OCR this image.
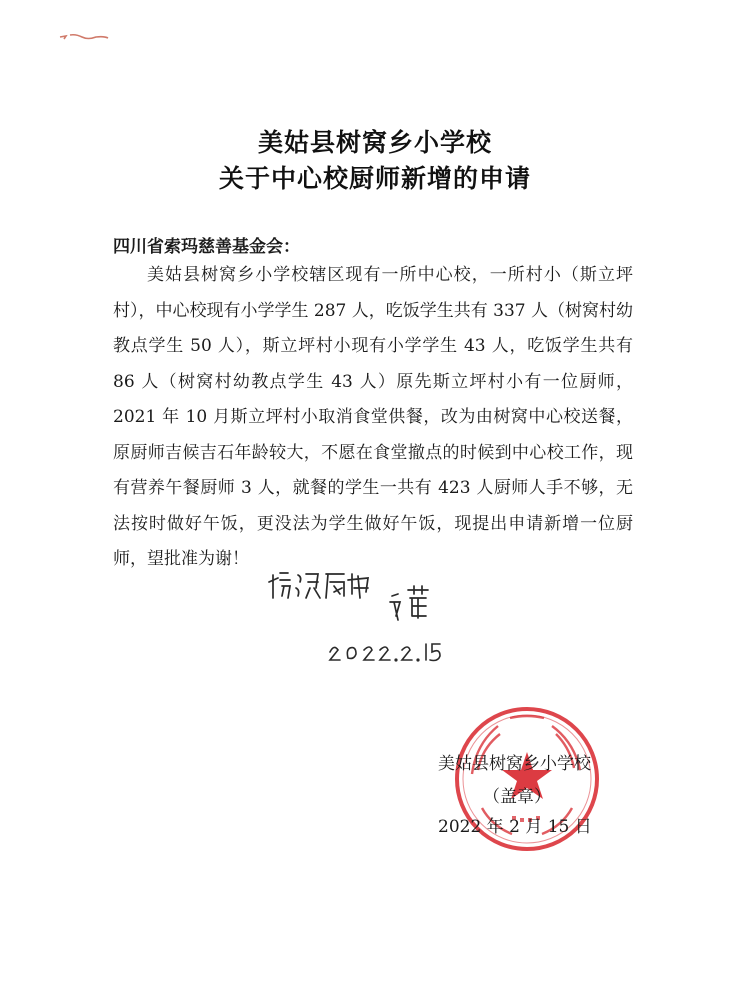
美姑县树窝乡小学校
关于中心校厨师新增的申请
四川省索玛慈善基金会：
美姑县树窝乡小学校辖区现有一所中心校，一所村小（斯立坪村），中心校现有小学学生 287 人，吃饭学生共有 337 人（树窝村幼教点学生 50 人），斯立坪村小现有小学学生 43 人，吃饭学生共有 86 人（树窝村幼教点学生 43 人）原先斯立坪村小有一位厨师，2021 年 10 月斯立坪村小取消食堂供餐，改为由树窝中心校送餐，原厨师吉候吉石年龄较大，不愿在食堂撤点的时候到中心校工作，现有营养午餐厨师 3 人，就餐的学生一共有 423 人厨师人手不够，无法按时做好午饭，更没法为学生做好午饭，现提出申请新增一位厨师，望批准为谢！
美姑县树窝乡小学校
（盖章）
2022 年 2 月 15 日
